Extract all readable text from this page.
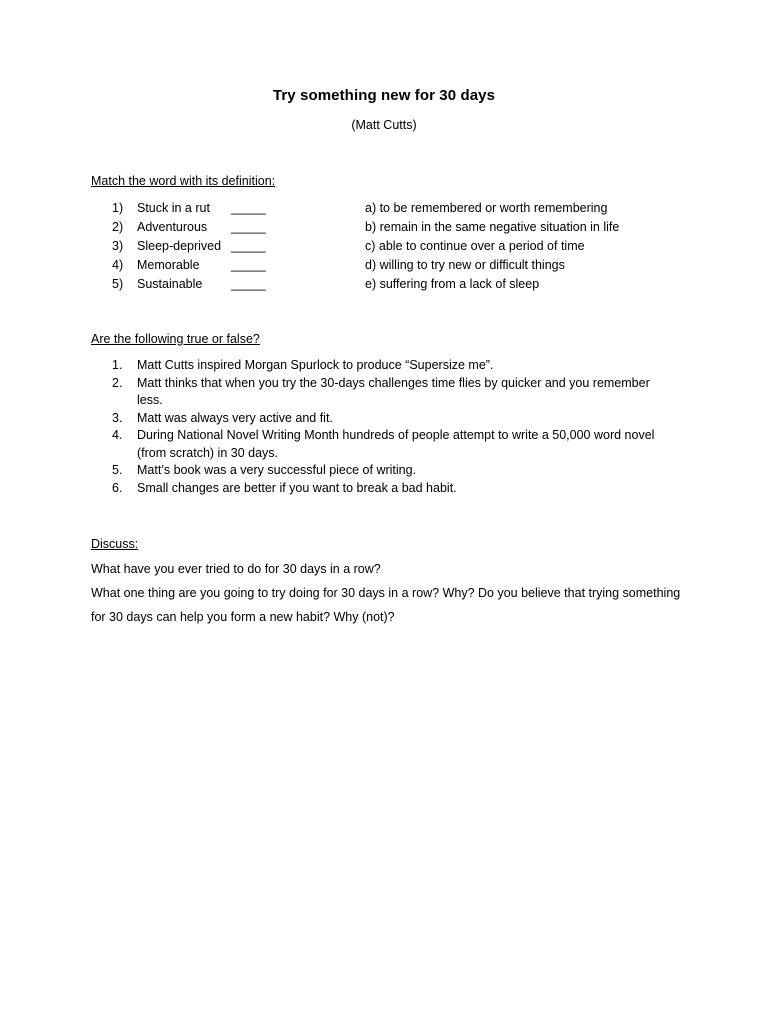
Try something new for 30 days
(Matt Cutts)
Match the word with its definition:
1) Stuck in a rut _____
2) Adventurous _____
3) Sleep-deprived _____
4) Memorable	_____
5) Sustainable _____
a) to be remembered or worth remembering
b) remain in the same negative situation in life
c) able to continue over a period of time
d) willing to try new or difficult things
e) suffering from a lack of sleep
Are the following true or false?
1. Matt Cutts inspired Morgan Spurlock to produce “Supersize me”.
2. Matt thinks that when you try the 30-days challenges time flies by quicker and you remember less.
3. Matt was always very active and fit.
4. During National Novel Writing Month hundreds of people attempt to write a 50,000 word novel (from scratch) in 30 days.
5. Matt’s book was a very successful piece of writing.
6. Small changes are better if you want to break a bad habit.
Discuss:
What have you ever tried to do for 30 days in a row?
What one thing are you going to try doing for 30 days in a row? Why? Do you believe that trying something for 30 days can help you form a new habit? Why (not)?
